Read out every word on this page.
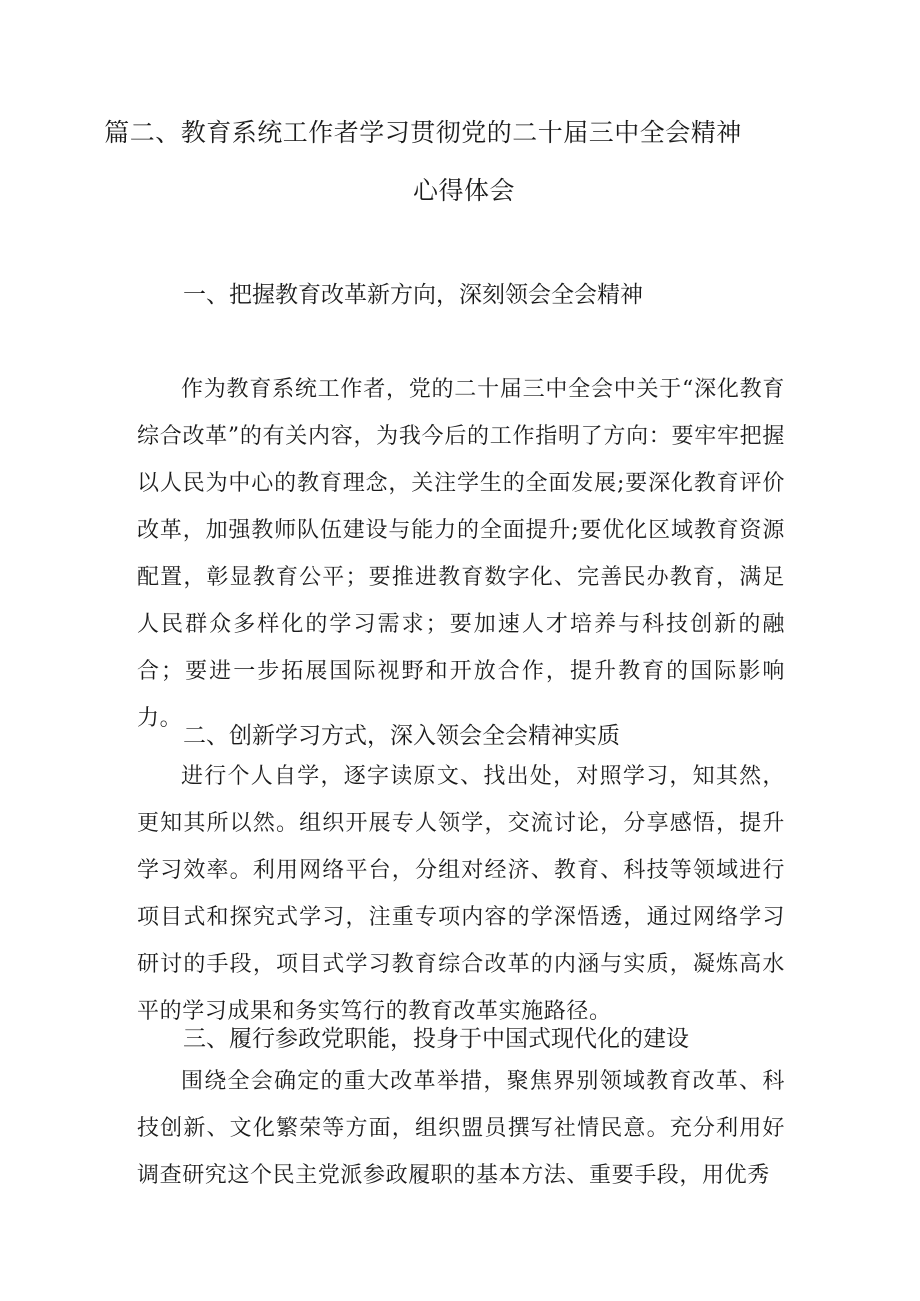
篇二、教育系统工作者学习贯彻党的二十届三中全会精神
心得体会
一、把握教育改革新方向，深刻领会全会精神

作为教育系统工作者，党的二十届三中全会中关于“深化教育综合改革”的有关内容，为我今后的工作指明了方向：要牢牢把握以人民为中心的教育理念，关注学生的全面发展;要深化教育评价改革，加强教师队伍建设与能力的全面提升;要优化区域教育资源配置，彰显教育公平；要推进教育数字化、完善民办教育，满足人民群众多样化的学习需求；要加速人才培养与科技创新的融合；要进一步拓展国际视野和开放合作，提升教育的国际影响力。

二、创新学习方式，深入领会全会精神实质

进行个人自学，逐字读原文、找出处，对照学习，知其然，更知其所以然。组织开展专人领学，交流讨论，分享感悟，提升学习效率。利用网络平台，分组对经济、教育、科技等领域进行项目式和探究式学习，注重专项内容的学深悟透，通过网络学习研讨的手段，项目式学习教育综合改革的内涵与实质，凝炼高水平的学习成果和务实笃行的教育改革实施路径。

三、履行参政党职能，投身于中国式现代化的建设

围绕全会确定的重大改革举措，聚焦界别领域教育改革、科技创新、文化繁荣等方面，组织盟员撰写社情民意。充分利用好调查研究这个民主党派参政履职的基本方法、重要手段，用优秀
